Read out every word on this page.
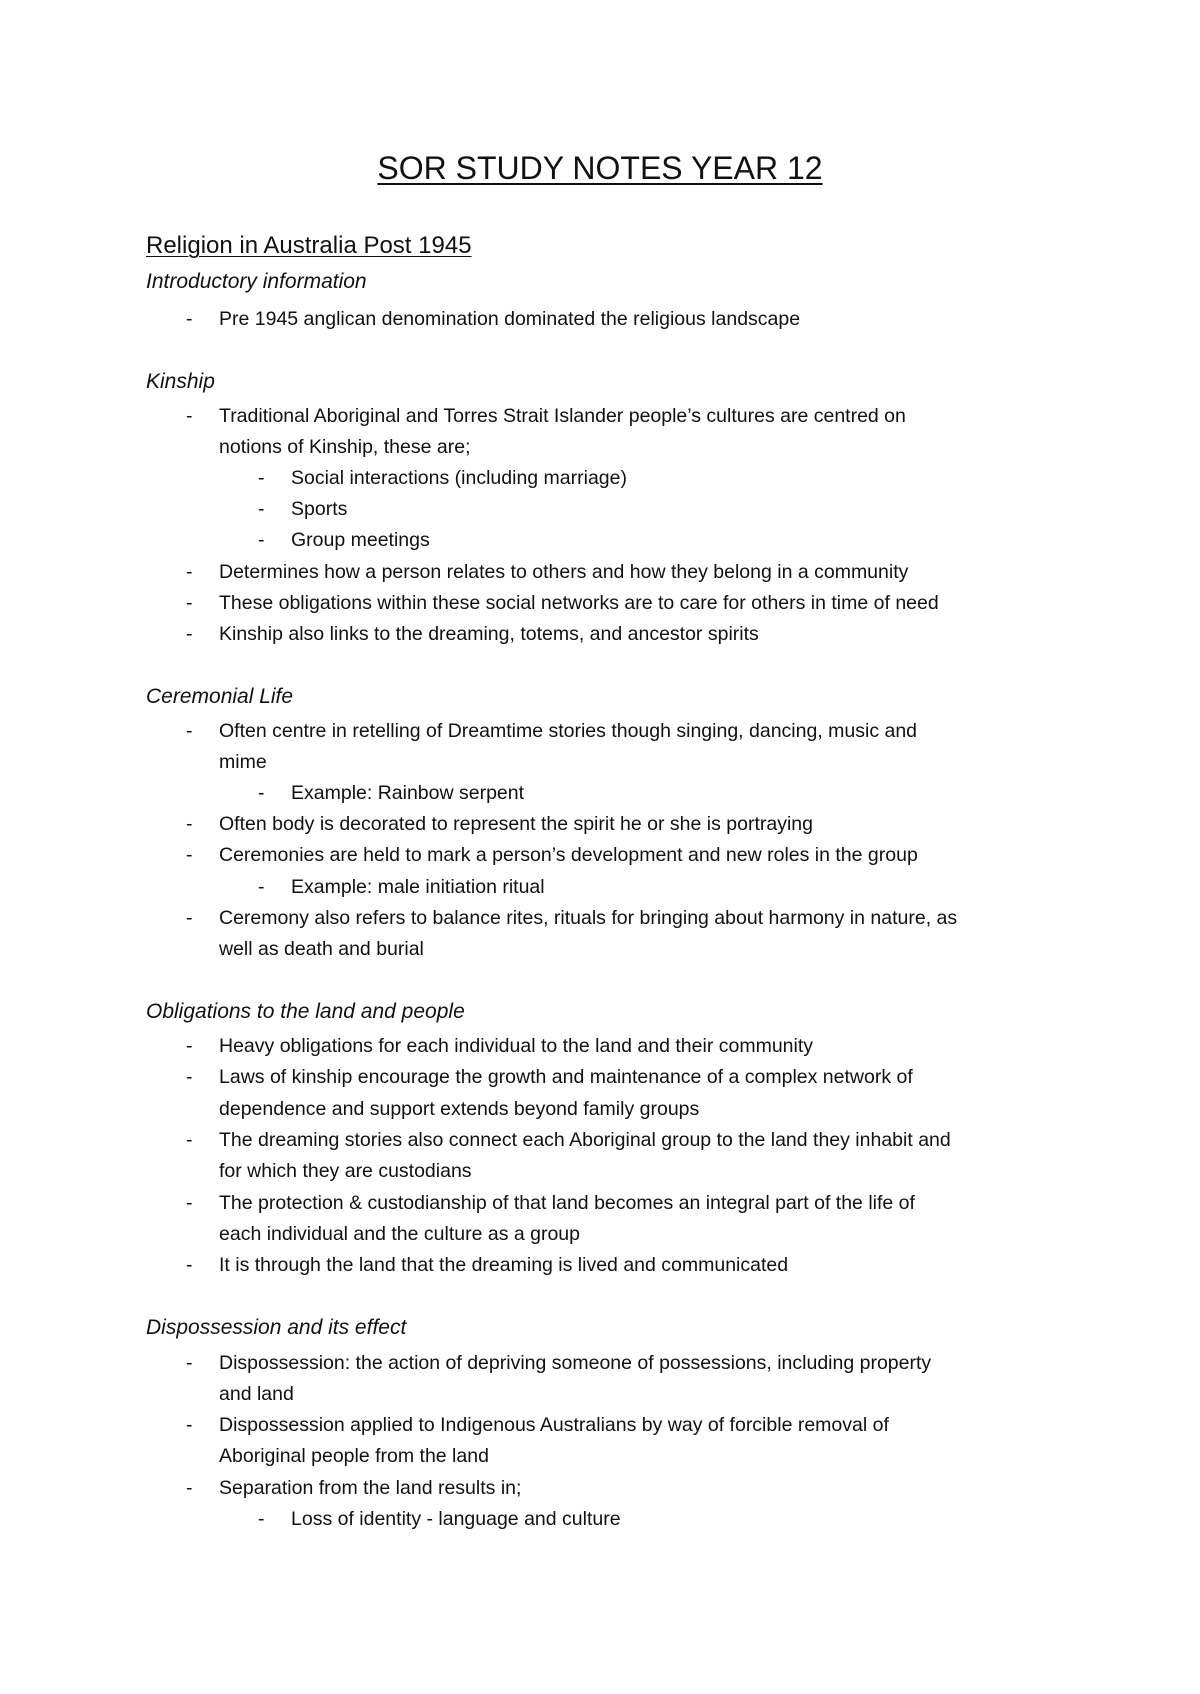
SOR STUDY NOTES YEAR 12
Religion in Australia Post 1945
Introductory information
- Pre 1945 anglican denomination dominated the religious landscape
Kinship
- Traditional Aboriginal and Torres Strait Islander people’s cultures are centred on
notions of Kinship, these are;
- Social interactions (including marriage)
- Sports
- Group meetings
- Determines how a person relates to others and how they belong in a community
- These obligations within these social networks are to care for others in time of need
- Kinship also links to the dreaming, totems, and ancestor spirits
Ceremonial Life
- Often centre in retelling of Dreamtime stories though singing, dancing, music and
mime
- Example: Rainbow serpent
- Often body is decorated to represent the spirit he or she is portraying
- Ceremonies are held to mark a person’s development and new roles in the group
- Example: male initiation ritual
- Ceremony also refers to balance rites, rituals for bringing about harmony in nature, as
well as death and burial
Obligations to the land and people
- Heavy obligations for each individual to the land and their community
- Laws of kinship encourage the growth and maintenance of a complex network of
dependence and support extends beyond family groups
- The dreaming stories also connect each Aboriginal group to the land they inhabit and
for which they are custodians
- The protection & custodianship of that land becomes an integral part of the life of
each individual and the culture as a group
- It is through the land that the dreaming is lived and communicated
Dispossession and its effect
- Dispossession: the action of depriving someone of possessions, including property
and land
- Dispossession applied to Indigenous Australians by way of forcible removal of
Aboriginal people from the land
- Separation from the land results in;
- Loss of identity - language and culture
